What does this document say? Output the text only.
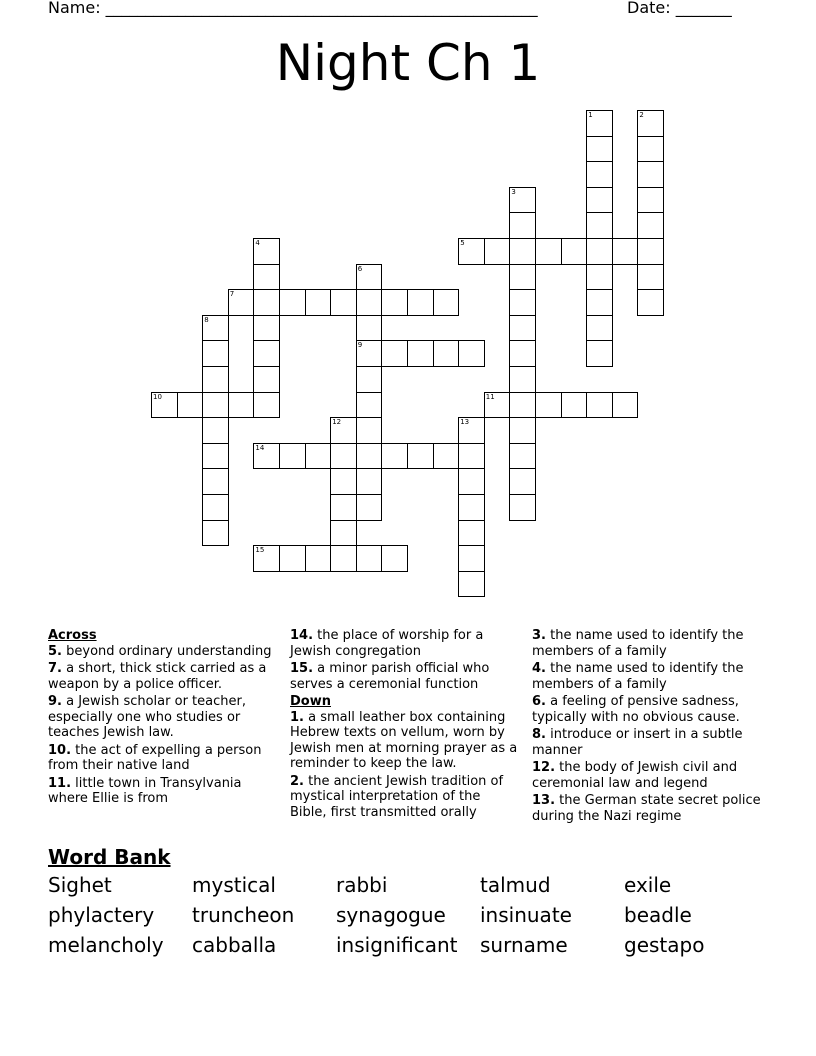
Name: ______________________________________________________	Date: _______
Night Ch 1
1	2
3
4	5
6
9
7
8
10	11
12	13
14
15
Across
5. beyond ordinary understanding
7. a short, thick stick carried as a weapon by a police officer.
9. a Jewish scholar or teacher, especially one who studies or teaches Jewish law.
10. the act of expelling a person from their native land
11. little town in Transylvania where Ellie is from
14. the place of worship for a Jewish congregation
15. a minor parish official who serves a ceremonial function
Down
1. a small leather box containing Hebrew texts on vellum, worn by Jewish men at morning prayer as a reminder to keep the law.
2. the ancient Jewish tradition of mystical interpretation of the Bible, first transmitted orally
3. the name used to identify the members of a family
4. the name used to identify the members of a family
6. a feeling of pensive sadness, typically with no obvious cause.
8. introduce or insert in a subtle manner
12. the body of Jewish civil and ceremonial law and legend
13. the German state secret police during the Nazi regime
Word Bank
Sighet	mystical	rabbi	talmud	exile
phylactery	truncheon	synagogue	insinuate	beadle
melancholy	cabballa	insignificant	surname	gestapo
